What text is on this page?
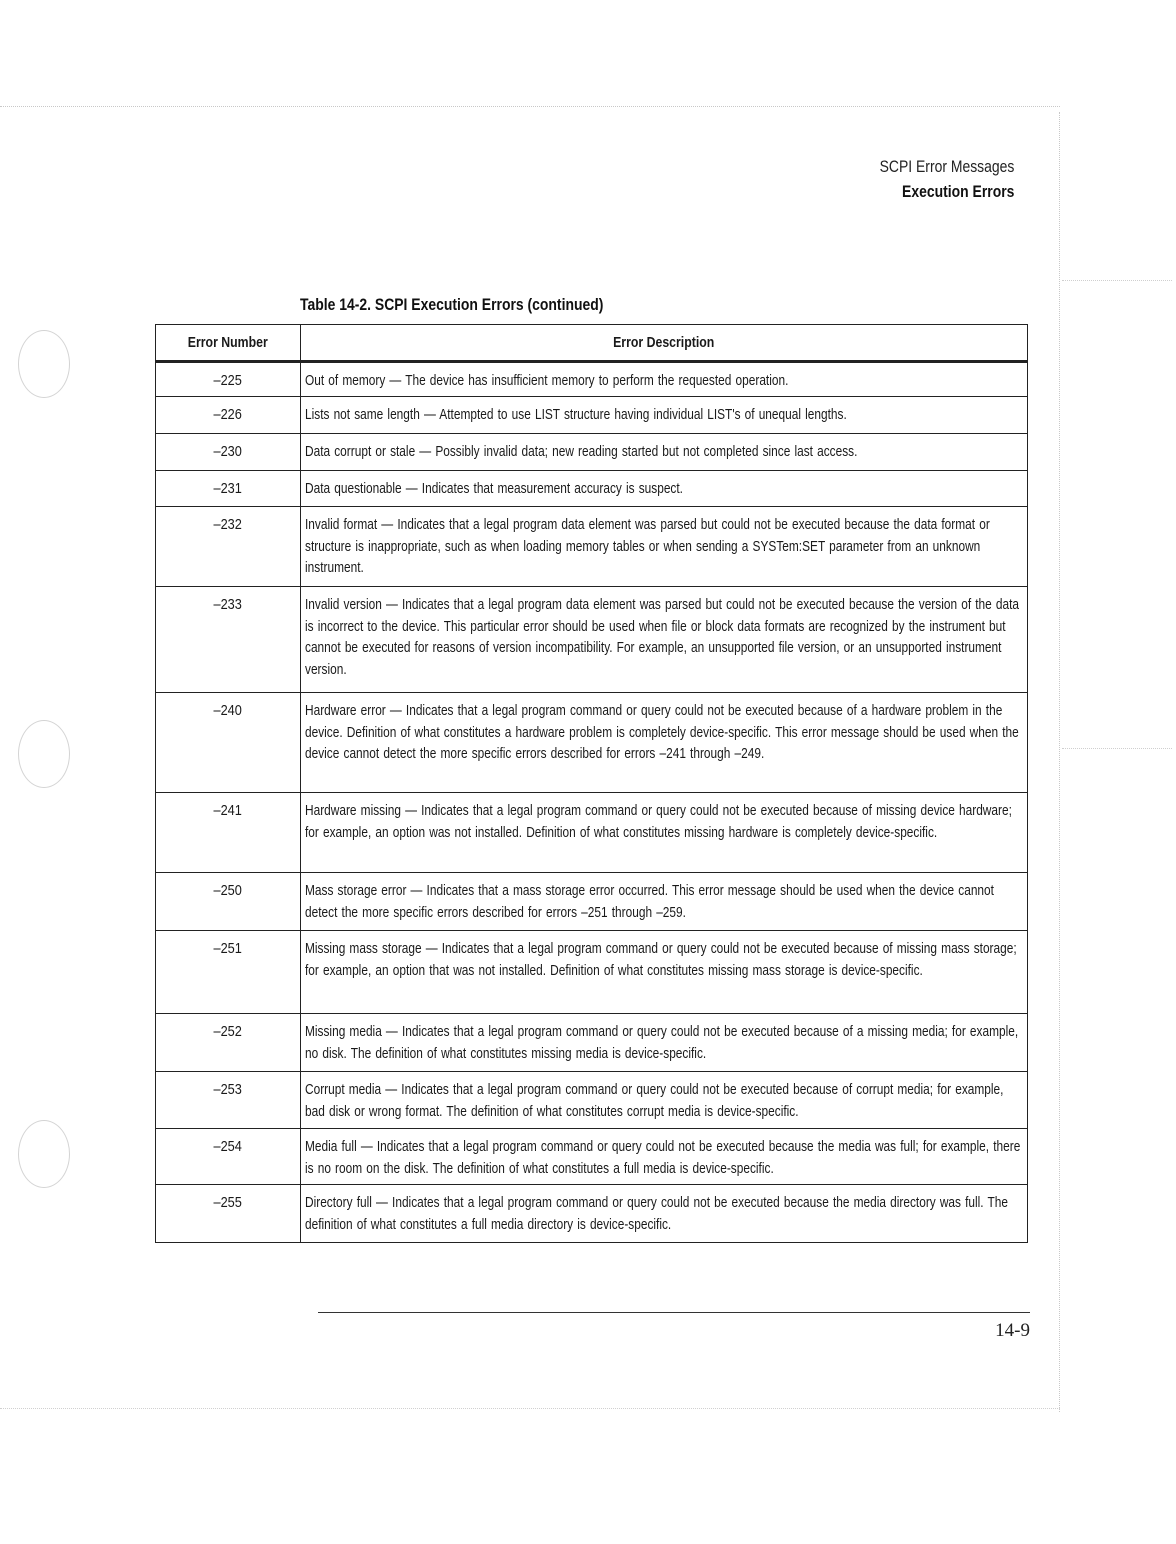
SCPI Error Messages
Execution Errors
Table 14-2. SCPI Execution Errors (continued)
Error Number	Error Description
–225	Out of memory — The device has insufficient memory to perform the requested operation.

–226	Lists not same length — Attempted to use LIST structure having individual LIST's of unequal lengths.

–230	Data corrupt or stale — Possibly invalid data; new reading started but not completed since last access.

–231	Data questionable — Indicates that measurement accuracy is suspect.

–232	Invalid format — Indicates that a legal program data element was parsed but could not be executed because the data format or structure is inappropriate, such as when loading memory tables or when sending a SYSTem:SET parameter from an unknown instrument.

–233	Invalid version — Indicates that a legal program data element was parsed but could not be executed because the version of the data is incorrect to the device. This particular error should be used when file or block data formats are recognized by the instrument but cannot be executed for reasons of version incompatibility. For example, an unsupported file version, or an unsupported instrument version.

–240	Hardware error — Indicates that a legal program command or query could not be executed because of a hardware problem in the device. Definition of what constitutes a hardware problem is completely device-specific. This error message should be used when the device cannot detect the more specific errors described for errors –241 through –249.

–241	Hardware missing — Indicates that a legal program command or query could not be executed because of missing device hardware; for example, an option was not installed. Definition of what constitutes missing hardware is completely device-specific.

–250	Mass storage error — Indicates that a mass storage error occurred. This error message should be used when the device cannot detect the more specific errors described for errors –251 through –259.

–251	Missing mass storage — Indicates that a legal program command or query could not be executed because of missing mass storage; for example, an option that was not installed. Definition of what constitutes missing mass storage is device-specific.

–252	Missing media — Indicates that a legal program command or query could not be executed because of a missing media; for example, no disk. The definition of what constitutes missing media is device-specific.

–253	Corrupt media — Indicates that a legal program command or query could not be executed because of corrupt media; for example, bad disk or wrong format. The definition of what constitutes corrupt media is device-specific.

–254	Media full — Indicates that a legal program command or query could not be executed because the media was full; for example, there is no room on the disk. The definition of what constitutes a full media is device-specific.

–255	Directory full — Indicates that a legal program command or query could not be executed because the media directory was full. The definition of what constitutes a full media directory is device-specific.
14-9
